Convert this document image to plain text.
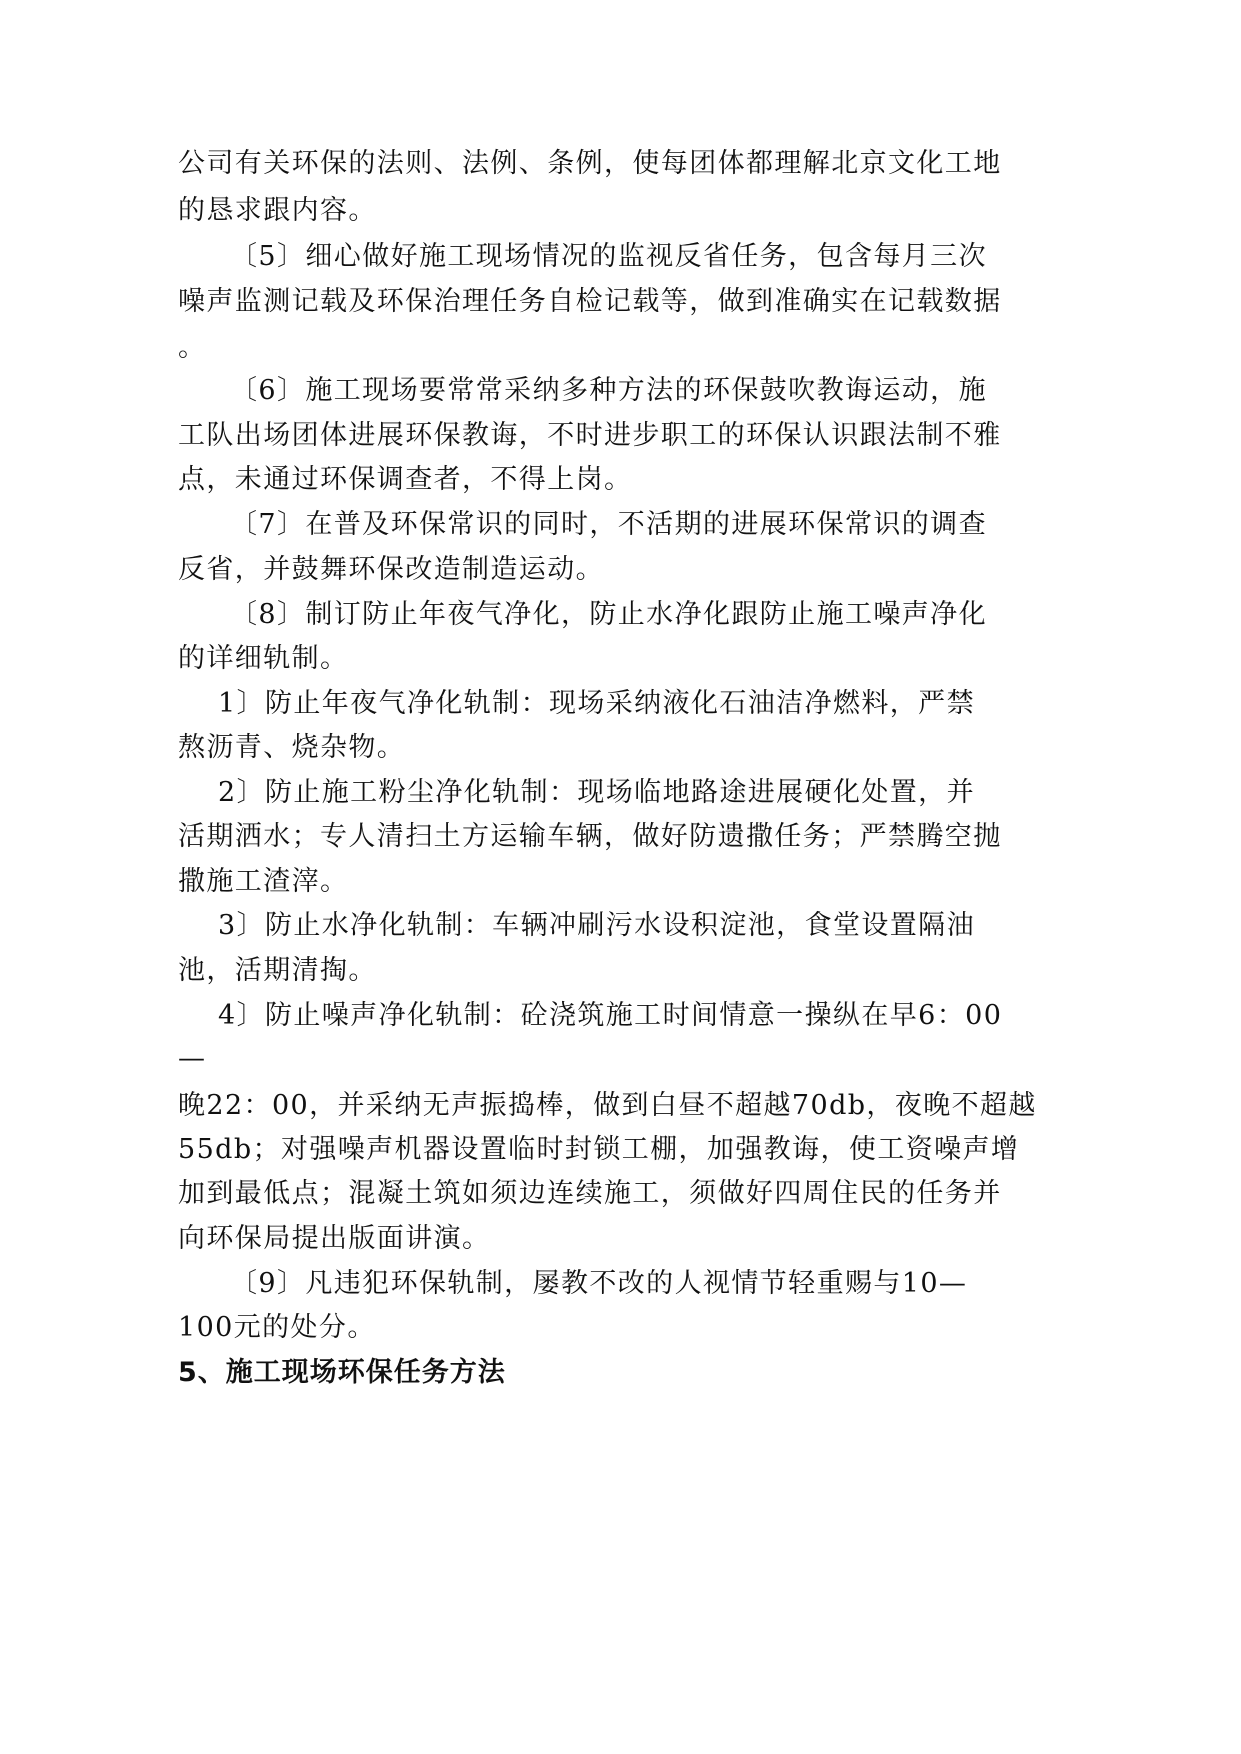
公司有关环保的法则、法例、条例，使每团体都理解北京文化工地
的恳求跟内容。
〔5〕细心做好施工现场情况的监视反省任务，包含每月三次
噪声监测记载及环保治理任务自检记载等，做到准确实在记载数据
。
〔6〕施工现场要常常采纳多种方法的环保鼓吹教诲运动，施
工队出场团体进展环保教诲，不时进步职工的环保认识跟法制不雅
点，未通过环保调查者，不得上岗。
〔7〕在普及环保常识的同时，不活期的进展环保常识的调查
反省，并鼓舞环保改造制造运动。
〔8〕制订防止年夜气净化，防止水净化跟防止施工噪声净化
的详细轨制。
1〕防止年夜气净化轨制：现场采纳液化石油洁净燃料，严禁
熬沥青、烧杂物。
2〕防止施工粉尘净化轨制：现场临地路途进展硬化处置，并
活期洒水；专人清扫土方运输车辆，做好防遗撒任务；严禁腾空抛
撒施工渣滓。
3〕防止水净化轨制：车辆冲刷污水设积淀池，食堂设置隔油
池，活期清掏。
4〕防止噪声净化轨制：砼浇筑施工时间情意一操纵在早6：00
—
晚22：00，并采纳无声振捣棒，做到白昼不超越70db，夜晚不超越
55db；对强噪声机器设置临时封锁工棚，加强教诲，使工资噪声增
加到最低点；混凝土筑如须边连续施工，须做好四周住民的任务并
向环保局提出版面讲演。
〔9〕凡违犯环保轨制，屡教不改的人视情节轻重赐与10—
100元的处分。
5、施工现场环保任务方法
